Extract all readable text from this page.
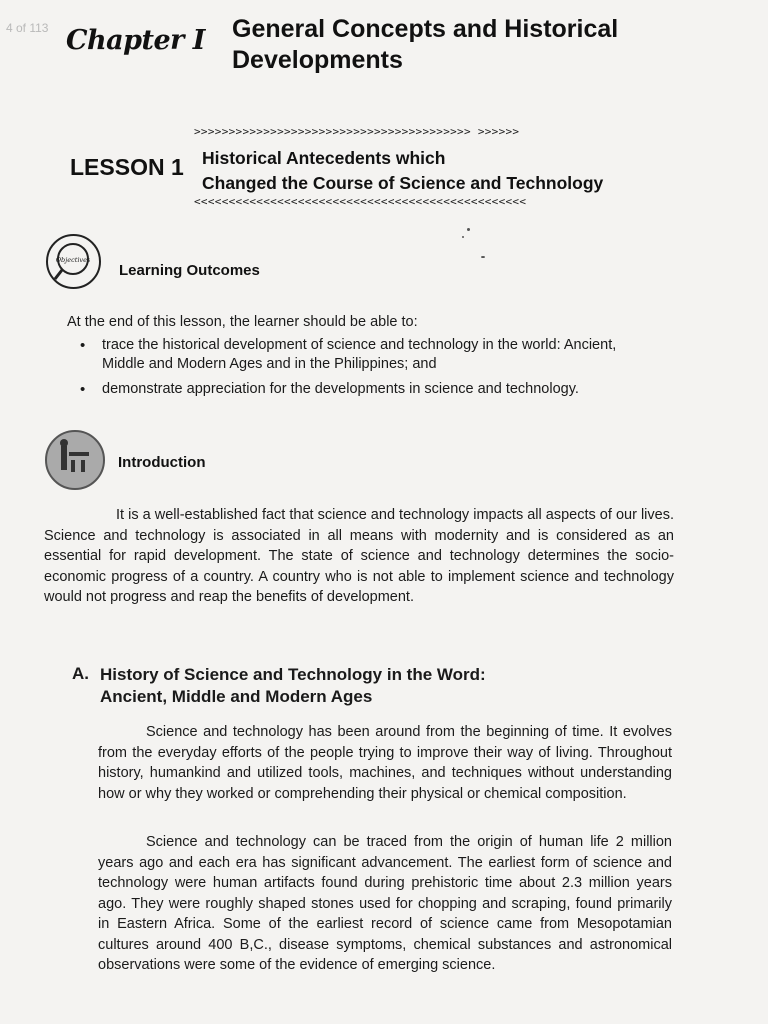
4 of 113 Chapter I General Concepts and Historical Developments
>>>>>>>>>>>>>>>>>>>>>>>>>>>>>>>>>>>>>>>> >>>>>>
LESSON 1 Historical Antecedents which
Changed the Course of Science and Technology
<<<<<<<<<<<<<<<<<<<<<<<<<<<<<<<<<<<<<<<<<<<<<<<<
Objectives
Learning Outcomes
At the end of this lesson, the learner should be able to:
• trace the historical development of science and technology in the world: Ancient, Middle and Modern Ages and in the Philippines; and
• demonstrate appreciation for the developments in science and technology.
Introduction
It is a well-established fact that science and technology impacts all aspects of our lives. Science and technology is associated in all means with modernity and is considered as an essential for rapid development. The state of science and technology determines the socio-economic progress of a country. A country who is not able to implement science and technology would not progress and reap the benefits of development.
A. History of Science and Technology in the Word:
Ancient, Middle and Modern Ages
Science and technology has been around from the beginning of time. It evolves from the everyday efforts of the people trying to improve their way of living. Throughout history, humankind and utilized tools, machines, and techniques without understanding how or why they worked or comprehending their physical or chemical composition.
Science and technology can be traced from the origin of human life 2 million years ago and each era has significant advancement. The earliest form of science and technology were human artifacts found during prehistoric time about 2.3 million years ago. They were roughly shaped stones used for chopping and scraping, found primarily in Eastern Africa. Some of the earliest record of science came from Mesopotamian cultures around 400 B,C., disease symptoms, chemical substances and astronomical observations were some of the evidence of emerging science.
